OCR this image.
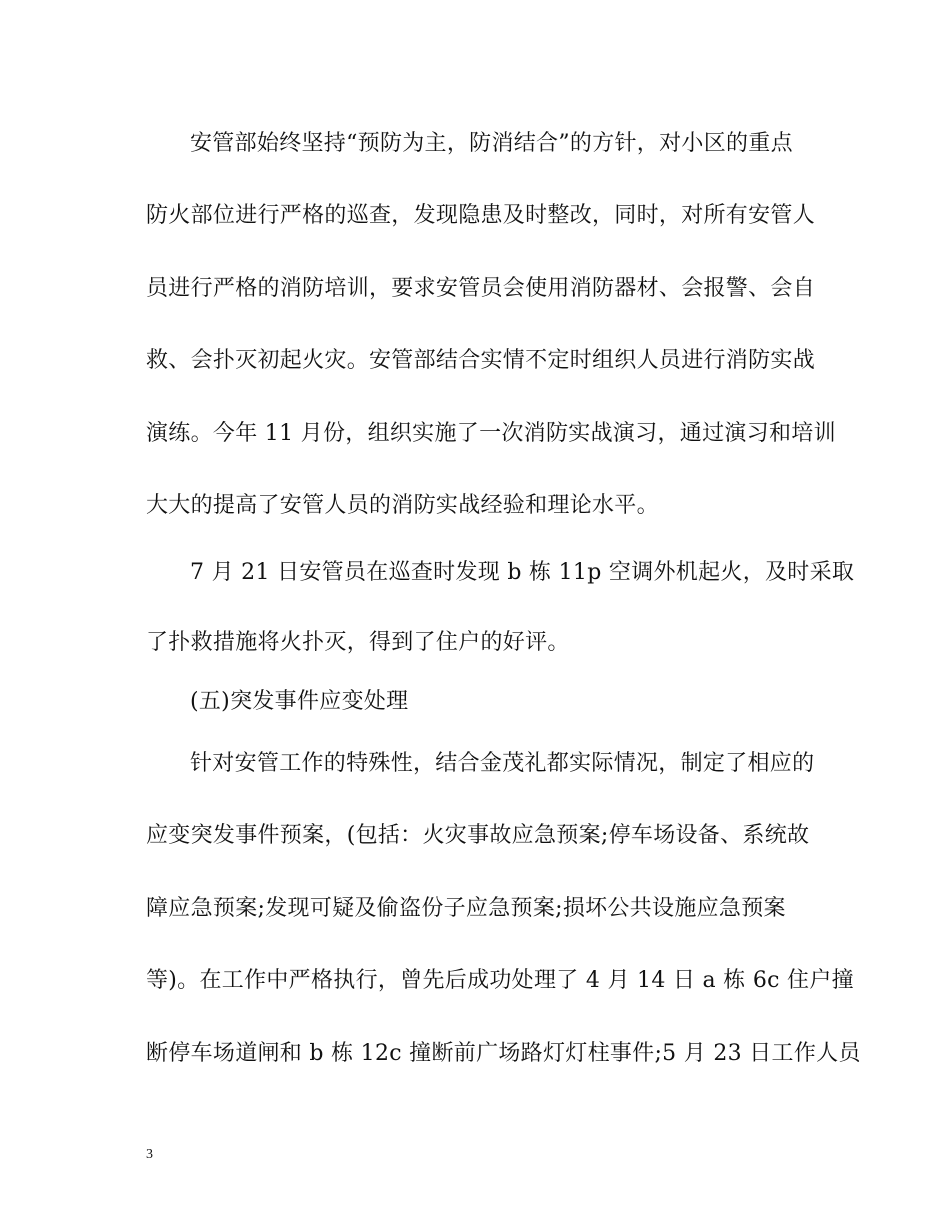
安管部始终坚持“预防为主，防消结合”的方针，对小区的重点
防火部位进行严格的巡查，发现隐患及时整改，同时，对所有安管人
员进行严格的消防培训，要求安管员会使用消防器材、会报警、会自
救、会扑灭初起火灾。安管部结合实情不定时组织人员进行消防实战
演练。今年 11 月份，组织实施了一次消防实战演习，通过演习和培训
大大的提高了安管人员的消防实战经验和理论水平。
7 月 21 日安管员在巡查时发现 b 栋 11p 空调外机起火，及时采取
了扑救措施将火扑灭，得到了住户的好评。
(五)突发事件应变处理
针对安管工作的特殊性，结合金茂礼都实际情况，制定了相应的
应变突发事件预案，(包括：火灾事故应急预案;停车场设备、系统故
障应急预案;发现可疑及偷盗份子应急预案;损坏公共设施应急预案
等)。在工作中严格执行，曾先后成功处理了 4 月 14 日 a 栋 6c 住户撞
断停车场道闸和 b 栋 12c 撞断前广场路灯灯柱事件;5 月 23 日工作人员
3
